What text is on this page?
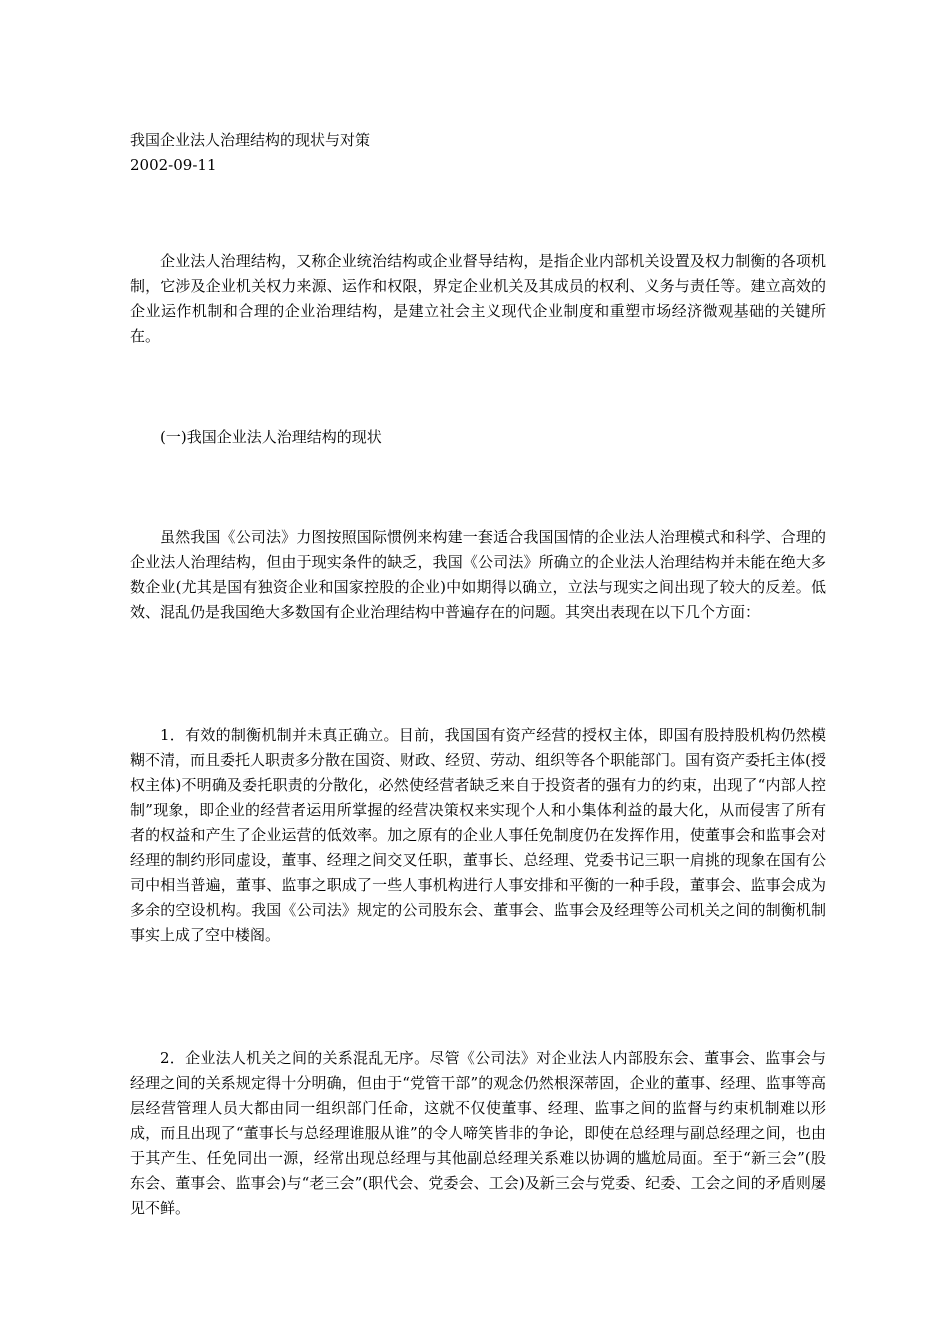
我国企业法人治理结构的现状与对策
2002-09-11

企业法人治理结构，又称企业统治结构或企业督导结构，是指企业内部机关设置及权力制衡的各项机制，它涉及企业机关权力来源、运作和权限，界定企业机关及其成员的权利、义务与责任等。建立高效的企业运作机制和合理的企业治理结构，是建立社会主义现代企业制度和重塑市场经济微观基础的关键所在。

(一)我国企业法人治理结构的现状

虽然我国《公司法》力图按照国际惯例来构建一套适合我国国情的企业法人治理模式和科学、合理的企业法人治理结构，但由于现实条件的缺乏，我国《公司法》所确立的企业法人治理结构并未能在绝大多数企业(尤其是国有独资企业和国家控股的企业)中如期得以确立，立法与现实之间出现了较大的反差。低效、混乱仍是我国绝大多数国有企业治理结构中普遍存在的问题。其突出表现在以下几个方面：

1．有效的制衡机制并未真正确立。目前，我国国有资产经营的授权主体，即国有股持股机构仍然模糊不清，而且委托人职责多分散在国资、财政、经贸、劳动、组织等各个职能部门。国有资产委托主体(授权主体)不明确及委托职责的分散化，必然使经营者缺乏来自于投资者的强有力的约束，出现了“内部人控制”现象，即企业的经营者运用所掌握的经营决策权来实现个人和小集体利益的最大化，从而侵害了所有者的权益和产生了企业运营的低效率。加之原有的企业人事任免制度仍在发挥作用，使董事会和监事会对经理的制约形同虚设，董事、经理之间交叉任职，董事长、总经理、党委书记三职一肩挑的现象在国有公司中相当普遍，董事、监事之职成了一些人事机构进行人事安排和平衡的一种手段，董事会、监事会成为多余的空设机构。我国《公司法》规定的公司股东会、董事会、监事会及经理等公司机关之间的制衡机制事实上成了空中楼阁。

2．企业法人机关之间的关系混乱无序。尽管《公司法》对企业法人内部股东会、董事会、监事会与经理之间的关系规定得十分明确，但由于“党管干部”的观念仍然根深蒂固，企业的董事、经理、监事等高层经营管理人员大都由同一组织部门任命，这就不仅使董事、经理、监事之间的监督与约束机制难以形成，而且出现了“董事长与总经理谁服从谁”的令人啼笑皆非的争论，即使在总经理与副总经理之间，也由于其产生、任免同出一源，经常出现总经理与其他副总经理关系难以协调的尴尬局面。至于“新三会”(股东会、董事会、监事会)与“老三会”(职代会、党委会、工会)及新三会与党委、纪委、工会之间的矛盾则屡见不鲜。
